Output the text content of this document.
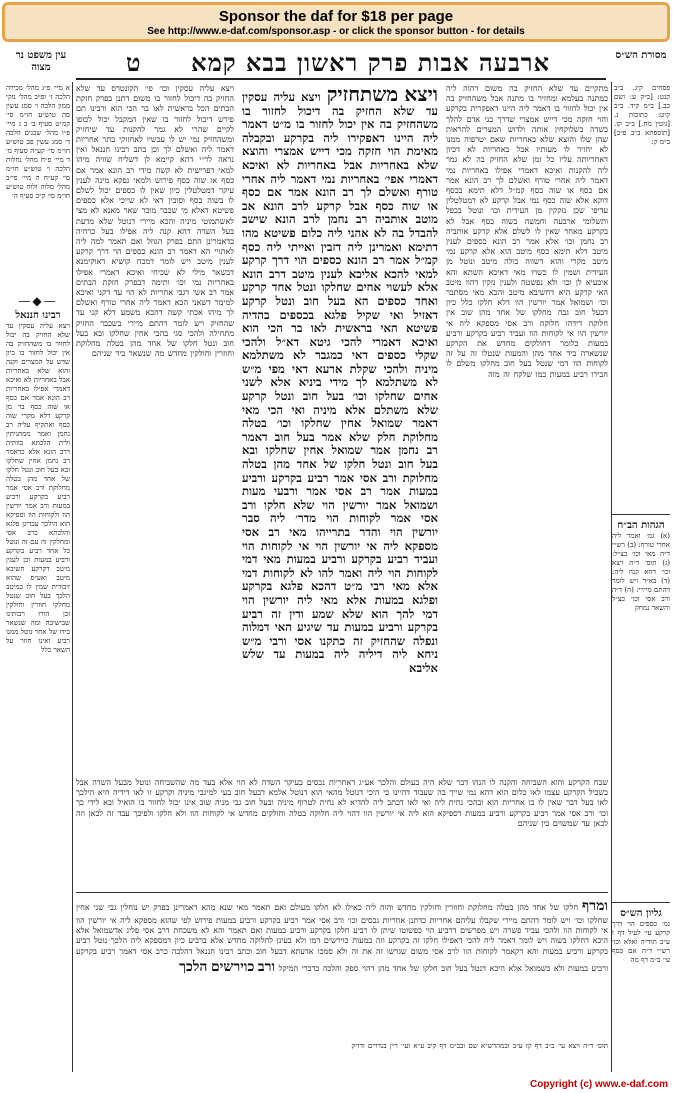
Sponsor the daf for $18 per page
See http://www.e-daf.com/sponsor.asp - or click the sponsor button - for details
מסורת הש״ס
ארבעה אבות פרק ראשון בבא קמא
ט
עין משפט נר מצוה
פסחים קיג. ב״ב קנט: [ב״ק ע: ושם כב.] ב״מ קיד. ב״ב קיט: כתובות נ. [גיטין מח.] ב״ב קז. [תוספתא ב״ב פ״ב] ב״מ ק:
הגהות הב״ח
(א) גמ׳ ואמר ליה אחרי טורף: (ב) רש״י ד״ה מאי וכו׳ כצ״ל: (ג) תוס׳ ד״ה ויצא וכו׳ דהא קנה ליה: (ד) בא״ד ויש לומר דהתם מיירי: (ה) ד״ה ורב אסי וכו׳ כצ״ל והשאר נמחק
גליון הש״ס
גמ׳ כספים הוי דרך קרקע עי׳ לעיל דף ז ע״ב תוד״ה ואלא וכו׳ רש״י ד״ה אם כסף עי׳ ב״מ דף מה
מתקיים עד שלא החזיק בה משום דהוה ליה כמתנה בעלמא ומחזיר בו מתנה אבל משהחזיק בה אין יכול לחזור בו דאמר ליה היינו דאפקרית בקרקע והוי חזקה מכי דייש אמצרי שדרך בני אדם להלך בשדה כשלוקחין אותה ולדוש המצרים להראות שהן שלו והוצא שלא באחריות שאם יטרפוה ממנו לא יחזיר לו מעותיו אבל באחריות לא דכיון דאחריותה עליו כל זמן שלא החזיק בה לא גמר ליה להקנות ואיכא דאמרי אפילו באחריות נמי דאמר ליה אחרי טורף ואשלם לך רב הונא אמר אם כסף או שוה כסף קמ״ל דלא תימא בכסף דוקא אלא שוה כסף נמי אבל קרקע לא דמטלטלין עדיפי שכן נזקקין מן העידית וכו׳ ונוטל בכפל ותשלומי ארבעה וחמשה בשוה כסף אבל לא בקרקע מאחר שאין לו לשלם אלא קרקע אותביה רב נחמן וכו׳ אלא אמר רב הונא כספים לענין מיטב דלא תימא כסף מיטב הוא אלא קרקע נמי מיטב מקרי והוא דשווה כולה מיטב ונוטל מן העידית ושמין לו כשויו מאי דאיכא השתא והא איבעיא לן וכו׳ ולא נפשטה ולענין נזקין דהוו מיטב האי קרקע היא דחשיבא מיטב והכא מאי מסתבר וכו׳ ושמואל אמר יורשין הוו דלא חלקו כלל כיון דבעל חוב גבה מחלקו של אחד מהן שוב אין חלוקה דידהו חלוקה ורב אסי מספקא ליה אי יורשין הוו אי לקוחות הוו ועביד רביע בקרקע ורביע במעות כלומר דחולקים מחדש את הקרקע שנשארה ביד אחד מהן והמעות שנטלו זה על זה לקוחות הוו דמי שנטל בעל חוב מחלקו משלם לו חבירו רביע במעות כמו שלקח זה מזה
ויצא משתחזיק ויצא עליה עסקין עד שלא החזיק בה דיכול לחזור בו משהחזיק בה אין יכול לחזור בו מ״ט דאמר ליה היינו דאפקירו ליה בקרקע ובקבלה מאימת הוי חזקה מכי דייש אמצרי והוצא שלא באחריות אבל באחריות לא ואיכא דאמרי אפי׳ באחריות נמי דאמר ליה אחרי טורף ואשלם לך רב הונא אמר אם כסף או שוה כסף אבל קרקע לרב הונא אב מוטב אותביה רב נחמן לרב הונא שישב להבדל בה לא אהני ליה כלום פשיטא מהו דתימא ואמרינן ליה דזבין ואייתי ליה כסף קמ״ל אמר רב הונא כספים הוי דרך קרקע למאי להכא אליבא לענין מיטב דרב הונא אלא לעשוי אחים שחלקו ונטל אחד קרקע ואחד כספים הא בעל חוב ונטל קרקע דאזיל ואי שקיל פלגא בכספים בהדיה פשיטא האי בראשית לאו בר הכי הוא ואיכא דאמרי להכי גיטא דא״ל ולהכי שקלי כספים דאי כמגבר לא משתלמא מיניה ולהכי שקלת ארעא דאי מפי מ״ש לא משתלמא לך מידי ביניא אלא לשני אחים שחלקו וכו׳ בעל חוב ונטל קרקע שלא משתלם אלא מיניה ואי הכי מאי דאמר שמואל אחין שחלקו וכו׳ בטלה מחלוקת חלק שלא אמר בעל חוב דאמר רב נחמן אמר שמואל אחין שחלקו ובא בעל חוב ונטל חלקו של אחד מהן בטלה מחלוקת ורב אסי אמר רביע בקרקע ורביע במעות אמר רב אסי אמר ורבעי מעות ושמואל אמר יורשין הוי שלא חלקו ורב אסי אמר לקוחות הוי מדר׳ ליה סבר יורשין הוי והדר בתרייהו מאי רב אסי מספקא ליה אי יורשין הוי אי לקוחות הוי ועביד רביע בקרקע ורביע במעות מאי דמי לקוחות הוי ליה ואמר להו לא לקוחות דמי אלא מאי רבי מ״ט דהכא פלגא בקרקע ופלגא במעות אלא מאי ליה יורשין הוי דמי להך הוא שלא שמע ודין זה רביע בקרקע ורביע במעות עד שיגיע האי דמלוה ונפלה שהחזיק זה כתקנו אסי ורבי מ״ש ניחא ליה דיליה ליה במעות עד שלש אליבא
ויצא עליה עסקין וכו׳ פי׳ הקונטרס עד שלא החזיק בה דיכול לחזור בו משום דתנן בפרק חזקת הבתים הכל בראשית לאו בר הכי הוא ורבינו תם פירש דיכול לחזור בו שאין המקבל יכול לכופו לקיים שהרי לא גמר להקנות עד שיחזיק ומשהחזיק נמי יש לו עכשיו לאחזוקי בתר אחריות דאמר ליה ואשלם לך וכן כתב רבינו חננאל ואין נראה לר״י דהא קיימא לן דשליח שוויה מיהו למאי דפרישית לא קשה מידי רב הונא אמר אם כסף או שוה כסף פירוש ולמאי נפקא מינה לענין עיקר דמטלטלין כיון שאין לו כספים יכול לשלם לו בשוה כסף וסובין דאי לא שייכי אלא כספים פשיטא דאלא מי שכבר מוכר שאר מאנא לא מצי לאשתמוטי מיניה והכא מיירי דנוטל שלא מדעת בעל השדה דהא קנה ליה אפילו בעל כרחיה כדאמרינן התם בפרק הגוזל ואם תאמר למה ליה לאתויי הא דאמר רב הונא כספים הוי דרך קרקע לענין מיטב ויש לומר דמכח קושיא דאוקימנא דבשאר מילי לא שכיחי ואיכא דאמרי אפילו באחריות נמי וכו׳ ותימה דבפרק חזקת הבתים אמר רב אשי דגבי אחריות לא הוי עד דקני ואיכא למימר דשאני הכא דאמר ליה אחרי טורף ואשלם לך מיהו אכתי קשה דהכא משמע דלא קני עד שהחזיק ויש לומר דהתם מיירי בשכבר החזיק מתחילה ולהכי סגי בהכי אחין שחלקו ובא בעל חוב ונטל חלקו של אחד מהן בטלה מחלוקת וחוזרין וחולקין מחדש מה שנשאר ביד שניהם
א מיי׳ פ״ג מהל׳ מכירה הלכה ז׳ ופ״ב מהל׳ נזקי ממון הלכה ו׳ סמג עשין סה טוש״ע חו״מ סי׳ קמ״ט סעיף ב׳ ב ג מיי׳ פ״ו מהל׳ שכנים הלכה ד׳ סמג עשין פב טוש״ע חו״מ סי׳ קע״ה סעיף מ׳ ד מיי׳ פ״ח מהל׳ נחלות הלכה ו׳ טוש״ע חו״מ סי׳ קע״ח ה מיי׳ פי״ב מהל׳ מלוה ולוה טוש״ע חו״מ סי׳ ק״ב סעיף ה׳
—◆—
רבינו חננאל
ויצא עליה עסקין עד שלא החזיק בה יכול לחזור בו משהחזיק בה אין יכול לחזור בו כיון שדש על המצרים וקנה והוא שלא באחריות אבל באחריות לא ואיכא דאמרי אפילו באחריות רב הונא אמר אם כסף או שוה כסף בר מן קרקע דלא מקרי שוה כסף ואתקיף עליה רב נחמן ואמר ממתניתין ולית הלכתא כוותיה דרב הונא אלא כדאמר רב נחמן אחין שחלקו ובא בעל חוב ונטל חלקו של אחד מהן בטלה מחלוקת ורב אסי אמר רביע בקרקע ורביע במעות ורב אמר יורשין הוו ולקוחות הוו וספיקא הוא הילכך עבדינן פלגא והלכתא כרב אסי ומחלקין זה עם זה ונוטל כל אחד רביע בקרקע ורביע במעות וכן לענין מיטב דקרקע חשיבא מיטב ואע״פ שהוא זיבורית שמין לו כמיטב הלכך בעל חוב שנטל מחלקו חוזרין וחולקין וכן הורו רבותינו שבישיבה ומה שנשאר בידו של אחר נוטל ממנו רביע ואינו חוזר על השאר כלל
שבח הקרקע והוא השביחה והקנה לו הנהו דבר שלא היה בעולם והלכך אע״ג דאחריות נכסים בעיקר השדה לא הוי אלא בעד מה שהשביחה ונוטל מבעל השדה אבל בשביל הקרקע עצמו לאו כלום הוא דהא נמי שייך בה שעבוד דהיינו כי היכי דנוטל מהאי הוא דנוטל אלמא דבעל חוב בעי למיגבי מיניה וקרקע זו לאו דידיה היא הילכך לאו בעל דבר שאין לו בו אחריות הוא ובהכי נחית ליה ואי לאו דכתב ליה להדיא לא נחית לטרוף מיניה ובעל חוב גבי מניה שוב אינו יכול לחזור בו הואיל ובא לידי כך וכו׳ ורב אסי אמר רביע בקרקע ורביע במעות דספיקא הוא ליה אי יורשין הוו דהוי ליה חלוקה בטלה וחולקים מחדש אי לקוחות הוו ולא חלקו ולפיכך עבד זה לכאן וזה לכאן עד שמשוים בין שניהם
ומרף חלקו של אחד מהן בטלה מחלוקת וחוזרין וחולקין מחדש והוה ליה כאילו לא חלקו מעולם ואם תאמר מאי שנא מהא דאמרינן בפרק יש נוחלין גבי שני אחין שחלקו וכו׳ ויש לומר דהתם מיירי שקבלו עליהם אחריות כדתנן אחריות נכסים וכו׳ ורב אסי אמר רביע בקרקע ורביע במעות פירוש לפי שהוא מספקא ליה אי יורשין הוו אי לקוחות הוו ולהכי עביד פשרה ויש מפרשים דרביע הוי כפשוטו שיתן לו רביע חלקו בקרקע ורביע במעות ואם תאמר והא לא משכחת דרב אסי פליג אדשמואל אלא היכא דחלקו בשוה ויש לומר דאמר ליה להכי דאפילו חלקו זה בקרקע וזה במעות כוירשים דמו ולא בעינן לחלוקה מחדש אלא ברביע כיון דמספקא ליה הלכך נוטל רביע בקרקע ורביע במעות והא דקאמר לקוחות הוו לרב אסי משום שגרשו זה את זה ולא סמכו אדעתא דבעל חוב וכתב רבינו חננאל דהלכה כרב אסי דאמר רביע בקרקע ורביע במעות ולא כשמואל אלא היכא דנטל בעל חוב חלקו של אחד מהן דהוי ספק והלכה כדברי המיקל ורב כוירשים הלכך
תוס׳ ד״ה ויצא עי׳ ב״ב דף קז ע״ב ובמהרש״א שם ובב״מ דף קיב ע״א ועי׳ ר״ן בנדרים ודו״ק
Copyright (c) www.e-daf.com
